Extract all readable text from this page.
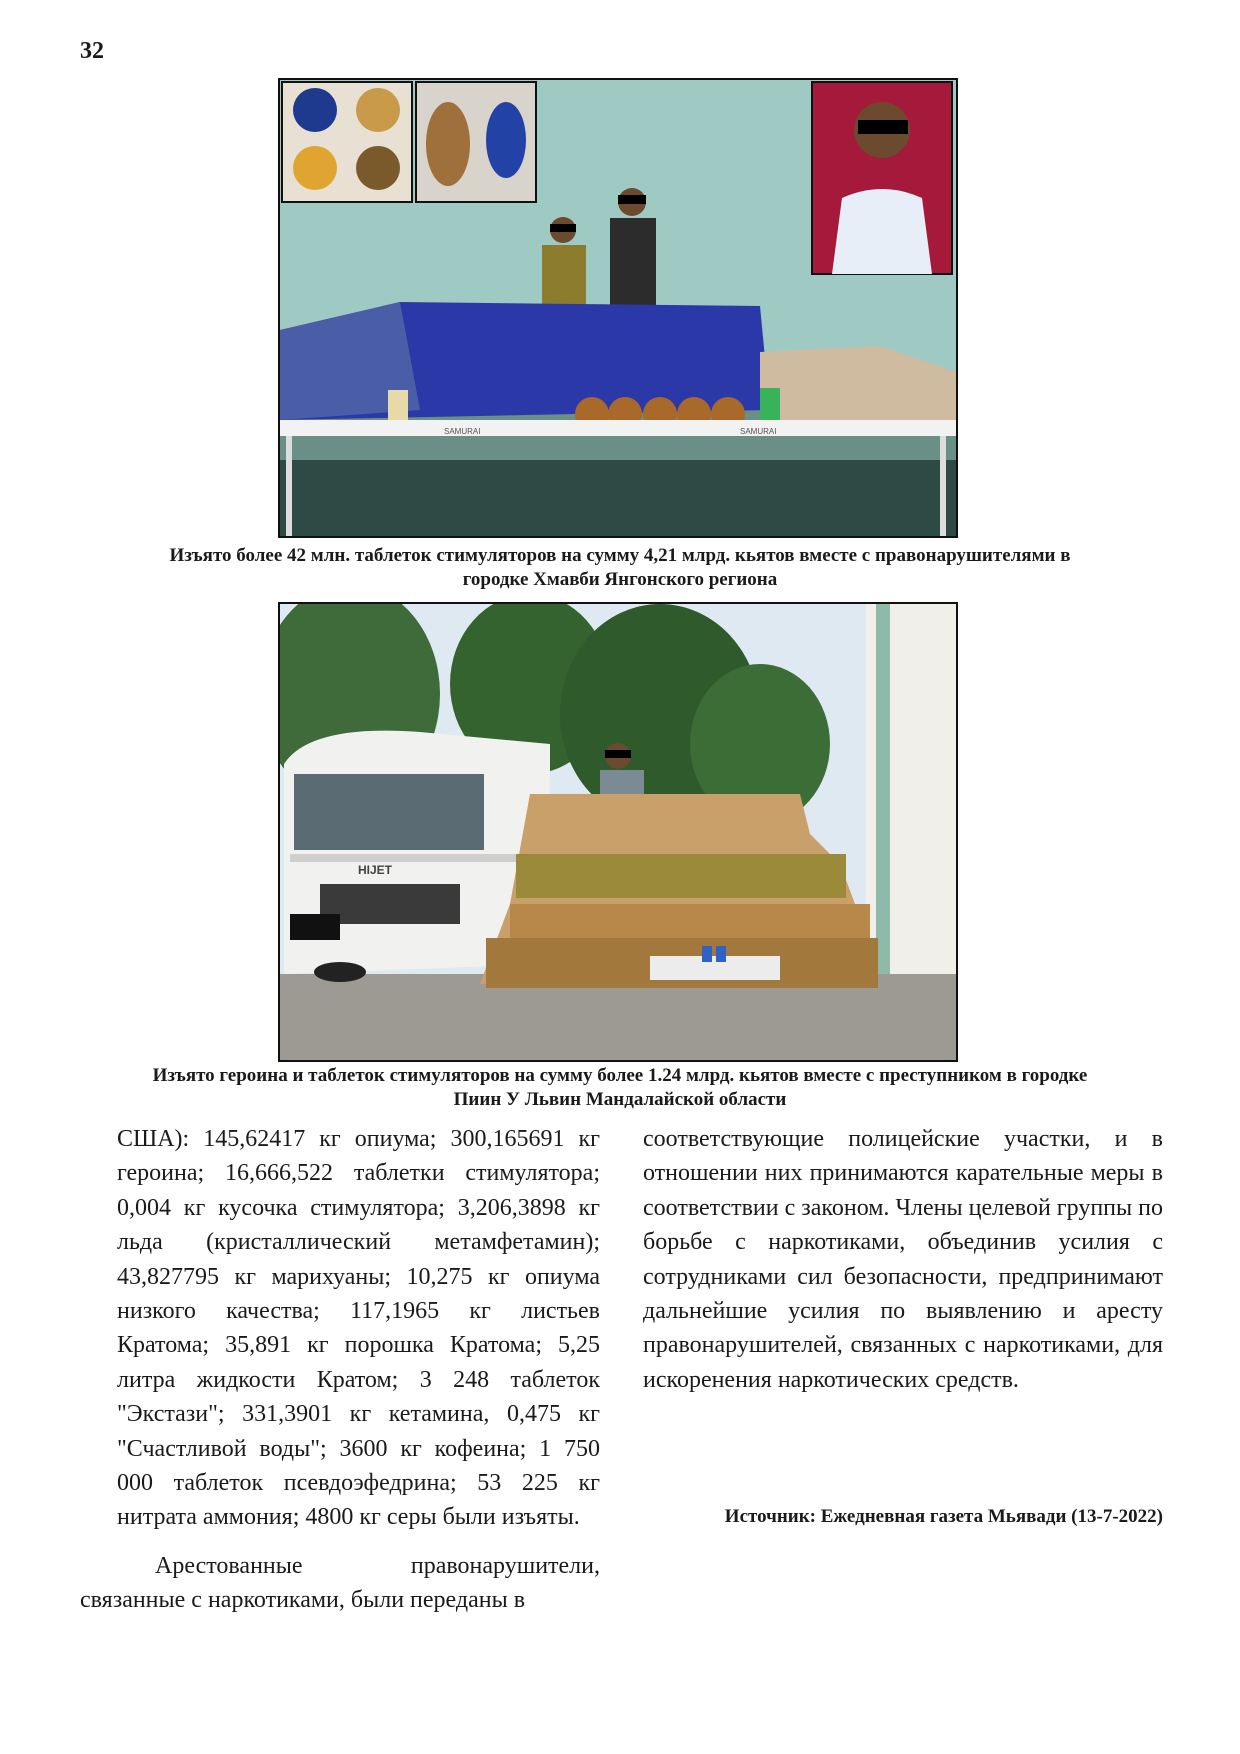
32
SAMURAI	SAMURAI
Изъято более 42 млн. таблеток стимуляторов на сумму 4,21 млрд. кьятов вместе с правонарушителями в
городке Хмавби Янгонского региона
HIJET
Изъято героина и таблеток стимуляторов на сумму более 1.24 млрд. кьятов вместе с преступником в городке
Пиин У Львин Мандалайской области

США): 145,62417 кг опиума; 300,165691 кг героина; 16,666,522 таблетки стимулятора; 0,004 кг кусочка стимулятора; 3,206,3898 кг льда (кристаллический метамфетамин); 43,827795 кг марихуаны; 10,275 кг опиума низкого качества; 117,1965 кг листьев Кратома; 35,891 кг порошка Кратома; 5,25 литра жидкости Кратом; 3 248 таблеток "Экстази"; 331,3901 кг кетамина, 0,475 кг "Счастливой воды"; 3600 кг кофеина; 1 750 000 таблеток псевдоэфедрина; 53 225 кг нитрата аммония; 4800 кг серы были изъяты.

Арестованные правонарушители, связанные с наркотиками, были переданы в

соответствующие полицейские участки, и в отношении них принимаются карательные меры в соответствии с законом. Члены целевой группы по борьбе с наркотиками, объединив усилия с сотрудниками сил безопасности, предпринимают дальнейшие усилия по выявлению и аресту правонарушителей, связанных с наркотиками, для искоренения наркотических средств.

Источник: Ежедневная газета Мьявади (13-7-2022)
